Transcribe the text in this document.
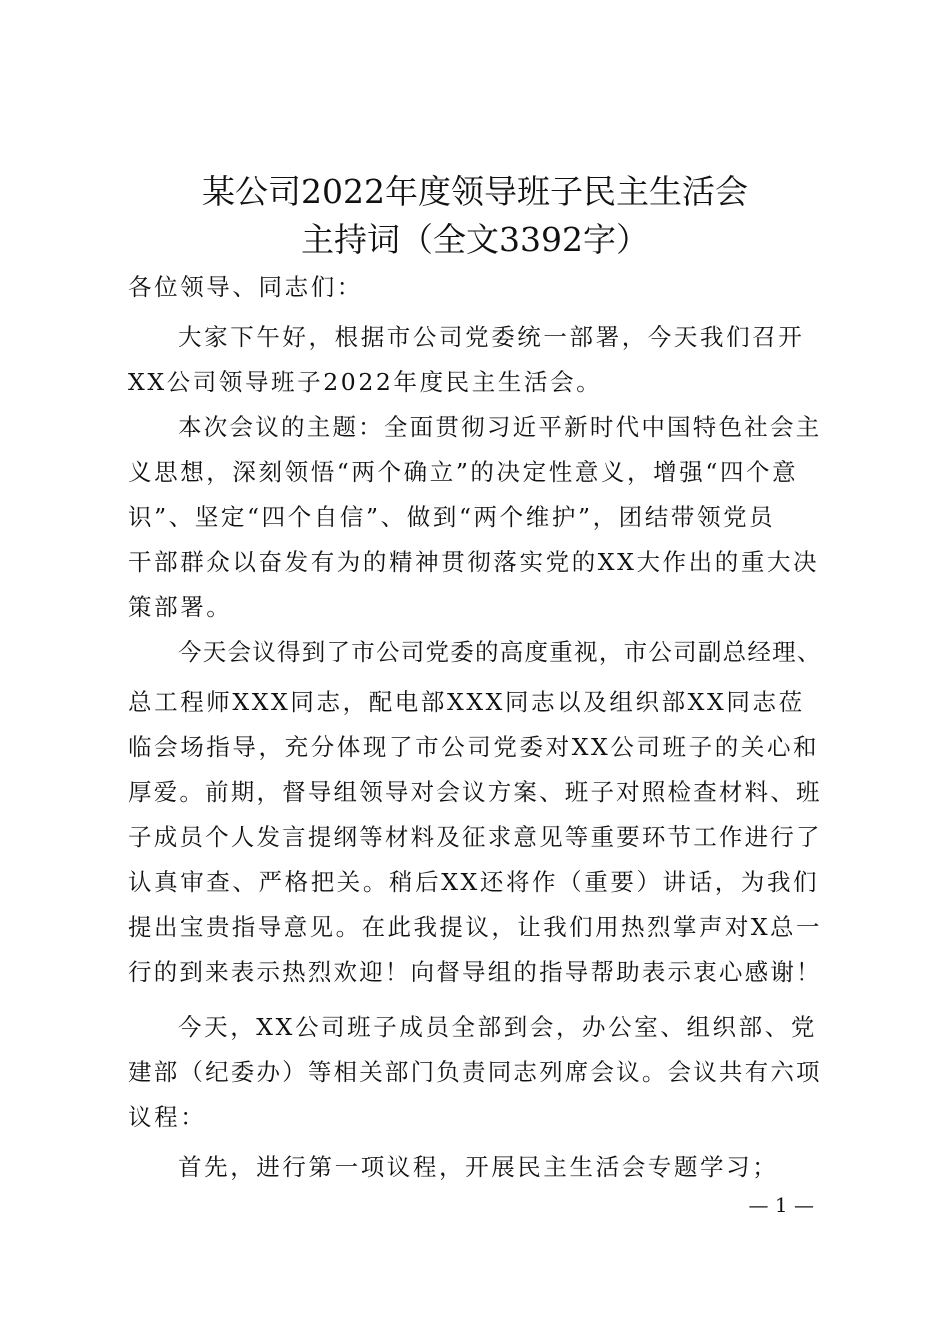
某公司2022年度领导班子民主生活会
主持词（全文3392字）
各位领导、同志们：
大家下午好，根据市公司党委统一部署，今天我们召开
XX公司领导班子2022年度民主生活会。
本次会议的主题：全面贯彻习近平新时代中国特色社会主
义思想，深刻领悟“两个确立”的决定性意义，增强“四个意
识”、坚定“四个自信”、做到“两个维护”，团结带领党员
干部群众以奋发有为的精神贯彻落实党的XX大作出的重大决
策部署。
今天会议得到了市公司党委的高度重视，市公司副总经理、
总工程师XXX同志，配电部XXX同志以及组织部XX同志莅
临会场指导，充分体现了市公司党委对XX公司班子的关心和
厚爱。前期，督导组领导对会议方案、班子对照检查材料、班
子成员个人发言提纲等材料及征求意见等重要环节工作进行了
认真审查、严格把关。稍后XX还将作（重要）讲话，为我们
提出宝贵指导意见。在此我提议，让我们用热烈掌声对X总一
行的到来表示热烈欢迎！向督导组的指导帮助表示衷心感谢！
今天，XX公司班子成员全部到会，办公室、组织部、党
建部（纪委办）等相关部门负责同志列席会议。会议共有六项
议程：
首先，进行第一项议程，开展民主生活会专题学习；
— 1 —
